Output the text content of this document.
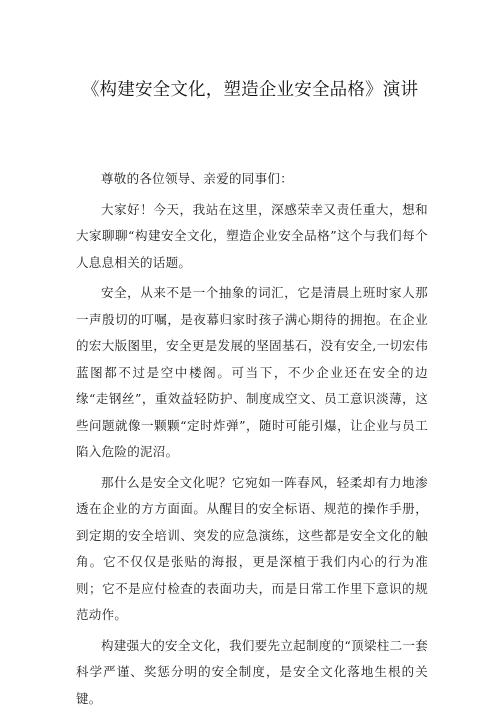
《构建安全文化，塑造企业安全品格》演讲

尊敬的各位领导、亲爱的同事们：

大家好！今天，我站在这里，深感荣幸又责任重大，想和大家聊聊“构建安全文化，塑造企业安全品格”这个与我们每个人息息相关的话题。

安全，从来不是一个抽象的词汇，它是清晨上班时家人那一声殷切的叮嘱，是夜幕归家时孩子满心期待的拥抱。在企业的宏大版图里，安全更是发展的坚固基石，没有安全,一切宏伟蓝图都不过是空中楼阁。可当下，不少企业还在安全的边缘“走钢丝”，重效益轻防护、制度成空文、员工意识淡薄，这些问题就像一颗颗“定时炸弹”，随时可能引爆，让企业与员工陷入危险的泥沼。

那什么是安全文化呢？它宛如一阵春风，轻柔却有力地渗透在企业的方方面面。从醒目的安全标语、规范的操作手册，到定期的安全培训、突发的应急演练，这些都是安全文化的触角。它不仅仅是张贴的海报，更是深植于我们内心的行为准则；它不是应付检查的表面功夫，而是日常工作里下意识的规范动作。

构建强大的安全文化，我们要先立起制度的“顶梁柱二一套科学严谨、奖惩分明的安全制度，是安全文化落地生根的关键。
